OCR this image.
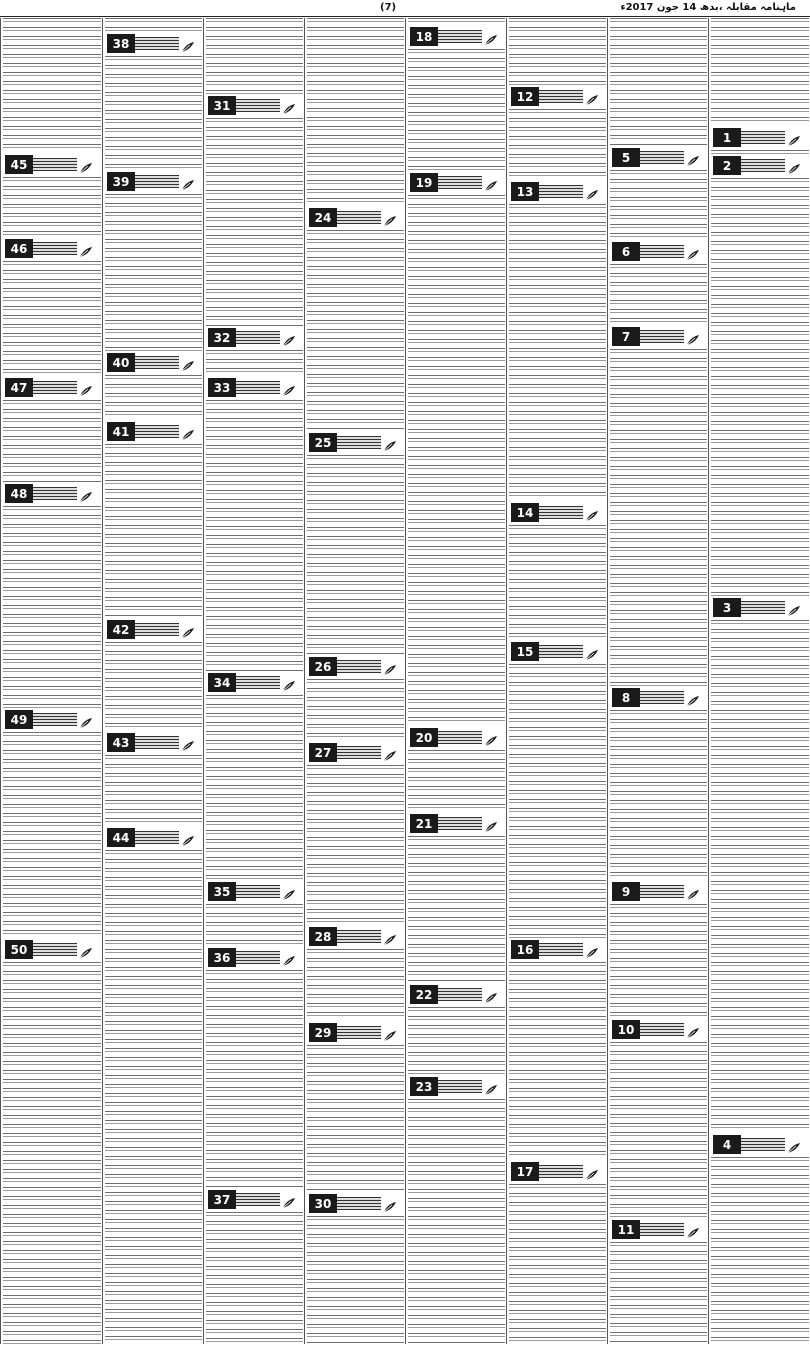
(7)	ماہنامہ مقابلہ ،بدھ 14 جون 2017ء
1
2
3
4
5
6
7
8
9
10
11
12
13
14
15
16
17
18
19
20
21
22
23
24
25
26
27
28
29
30
31
32
33
34
35
36
37
38
39
40
41
42
43
44
45
46
47
48
49
50
